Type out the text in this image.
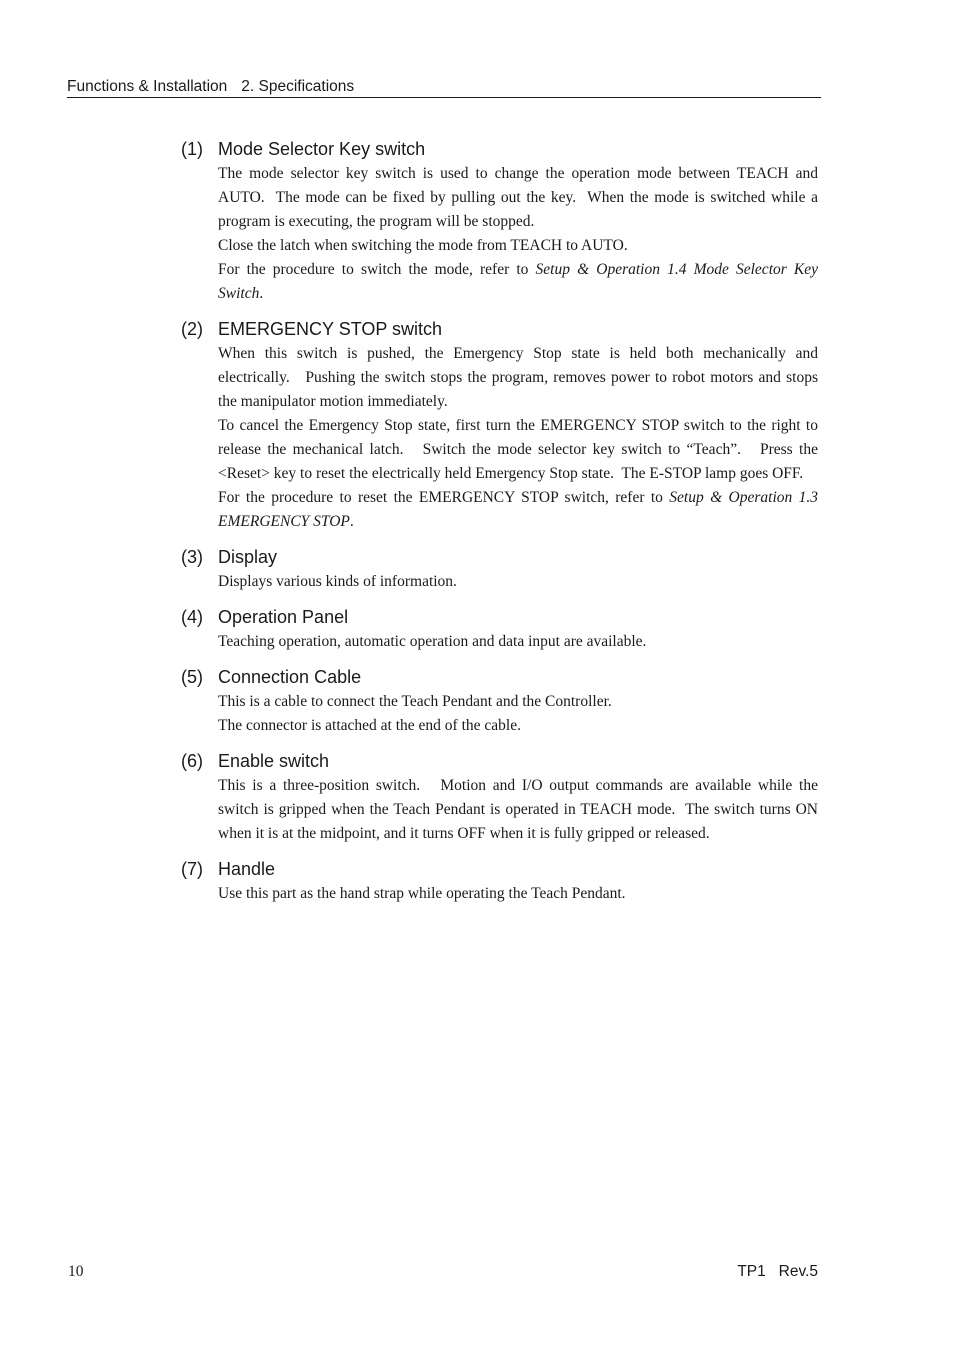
Functions & Installation 2. Specifications
(1) Mode Selector Key switch

The mode selector key switch is used to change the operation mode between TEACH and AUTO.  The mode can be fixed by pulling out the key.  When the mode is switched while a program is executing, the program will be stopped.

Close the latch when switching the mode from TEACH to AUTO.

For the procedure to switch the mode, refer to Setup & Operation 1.4 Mode Selector Key Switch.

(2) EMERGENCY STOP switch

When this switch is pushed, the Emergency Stop state is held both mechanically and electrically.   Pushing the switch stops the program, removes power to robot motors and stops the manipulator motion immediately.

To cancel the Emergency Stop state, first turn the EMERGENCY STOP switch to the right to release the mechanical latch.   Switch the mode selector key switch to “Teach”.   Press the <Reset> key to reset the electrically held Emergency Stop state.  The E-STOP lamp goes OFF.

For the procedure to reset the EMERGENCY STOP switch, refer to Setup & Operation 1.3 EMERGENCY STOP.

(3) Display

Displays various kinds of information.

(4) Operation Panel

Teaching operation, automatic operation and data input are available.

(5) Connection Cable

This is a cable to connect the Teach Pendant and the Controller.

The connector is attached at the end of the cable.

(6) Enable switch

This is a three-position switch.   Motion and I/O output commands are available while the switch is gripped when the Teach Pendant is operated in TEACH mode.  The switch turns ON when it is at the midpoint, and it turns OFF when it is fully gripped or released.

(7) Handle

Use this part as the hand strap while operating the Teach Pendant.

10	TP1   Rev.5
